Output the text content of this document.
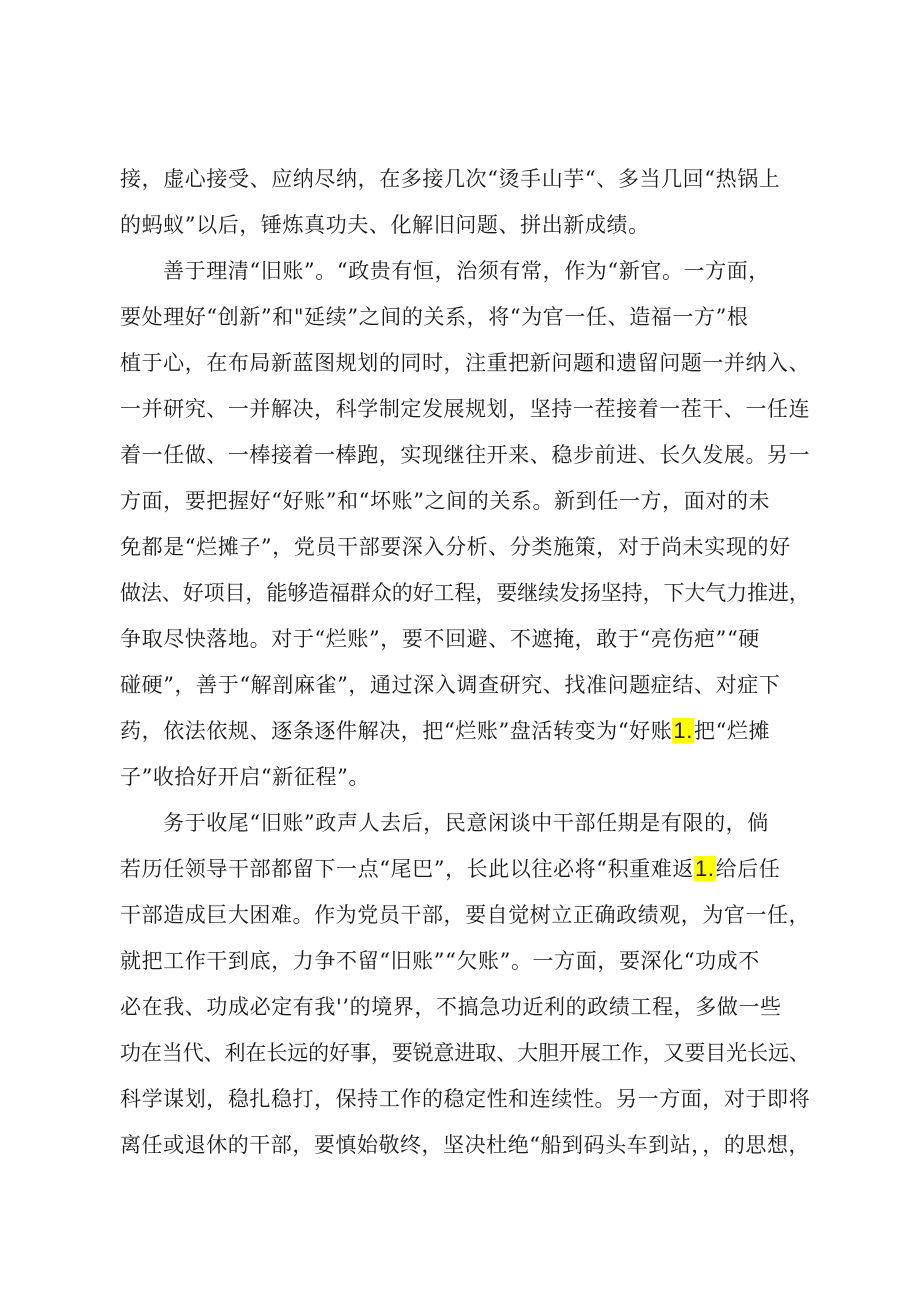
接，虚心接受、应纳尽纳，在多接几次“烫手山芋“、多当几回“热锅上
的蚂蚁”以后，锤炼真功夫、化解旧问题、拼出新成绩。
善于理清“旧账”。“政贵有恒，治须有常，作为“新官。一方面，
要处理好“创新”和"延续”之间的关系，将“为官一任、造福一方”根
植于心，在布局新蓝图规划的同时，注重把新问题和遗留问题一并纳入、
一并研究、一并解决，科学制定发展规划，坚持一茬接着一茬干、一任连
着一任做、一棒接着一棒跑，实现继往开来、稳步前进、长久发展。另一
方面，要把握好“好账”和“坏账”之间的关系。新到任一方，面对的未
免都是“烂摊子”，党员干部要深入分析、分类施策，对于尚未实现的好
做法、好项目，能够造福群众的好工程，要继续发扬坚持，下大气力推进，
争取尽快落地。对于“烂账”，要不回避、不遮掩，敢于“亮伤疤”“硬
碰硬”，善于“解剖麻雀”，通过深入调查研究、找准问题症结、对症下
药，依法依规、逐条逐件解决，把“烂账”盘活转变为“好账1.把“烂摊
子”收拾好开启“新征程”。
务于收尾“旧账”政声人去后，民意闲谈中干部任期是有限的，倘
若历任领导干部都留下一点“尾巴”，长此以往必将“积重难返1.给后任
干部造成巨大困难。作为党员干部，要自觉树立正确政绩观，为官一任，
就把工作干到底，力争不留“旧账”“欠账”。一方面，要深化“功成不
必在我、功成必定有我'’的境界，不搞急功近利的政绩工程，多做一些
功在当代、利在长远的好事，要锐意进取、大胆开展工作，又要目光长远、
科学谋划，稳扎稳打，保持工作的稳定性和连续性。另一方面，对于即将
离任或退休的干部，要慎始敬终，坚决杜绝“船到码头车到站，，的思想，
